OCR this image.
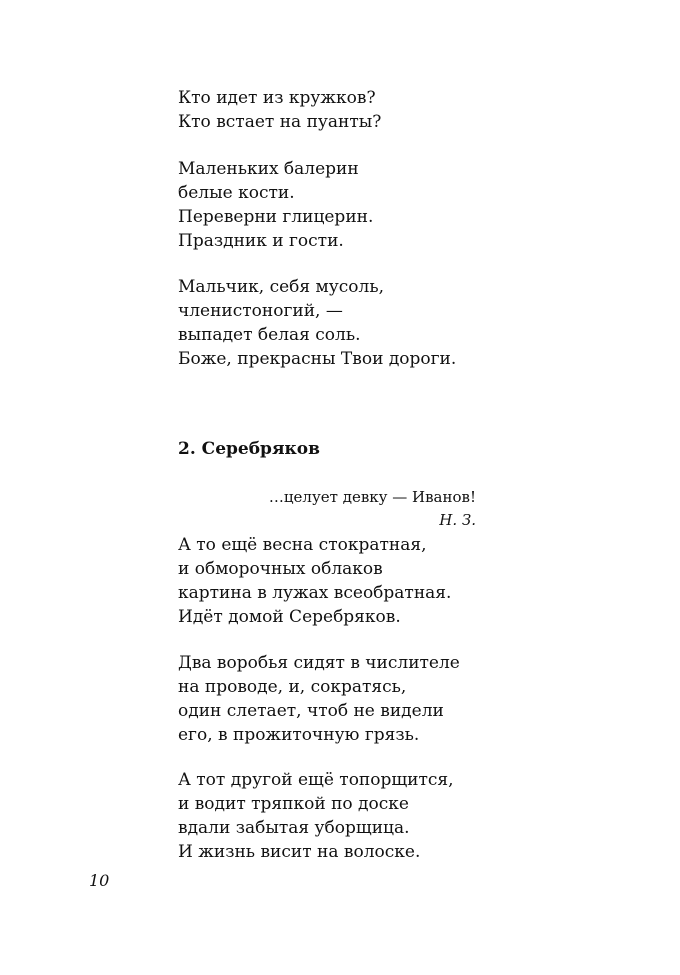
Кто идет из кружков?
Кто встает на пуанты?
Маленьких балерин
белые кости.
Переверни глицерин.
Праздник и гости.
Мальчик, себя мусоль,
членистоногий, —
выпадет белая соль.
Боже, прекрасны Твои дороги.
2. Серебряков
…целует девку — Иванов!
Н. З.
А то ещё весна стократная,
и обморочных облаков
картина в лужах всеобратная.
Идёт домой Серебряков.
Два воробья сидят в числителе
на проводе, и, сократясь,
один слетает, чтоб не видели
его, в прожиточную грязь.
А тот другой ещё топорщится,
и водит тряпкой по доске
вдали забытая уборщица.
И жизнь висит на волоске.
10
